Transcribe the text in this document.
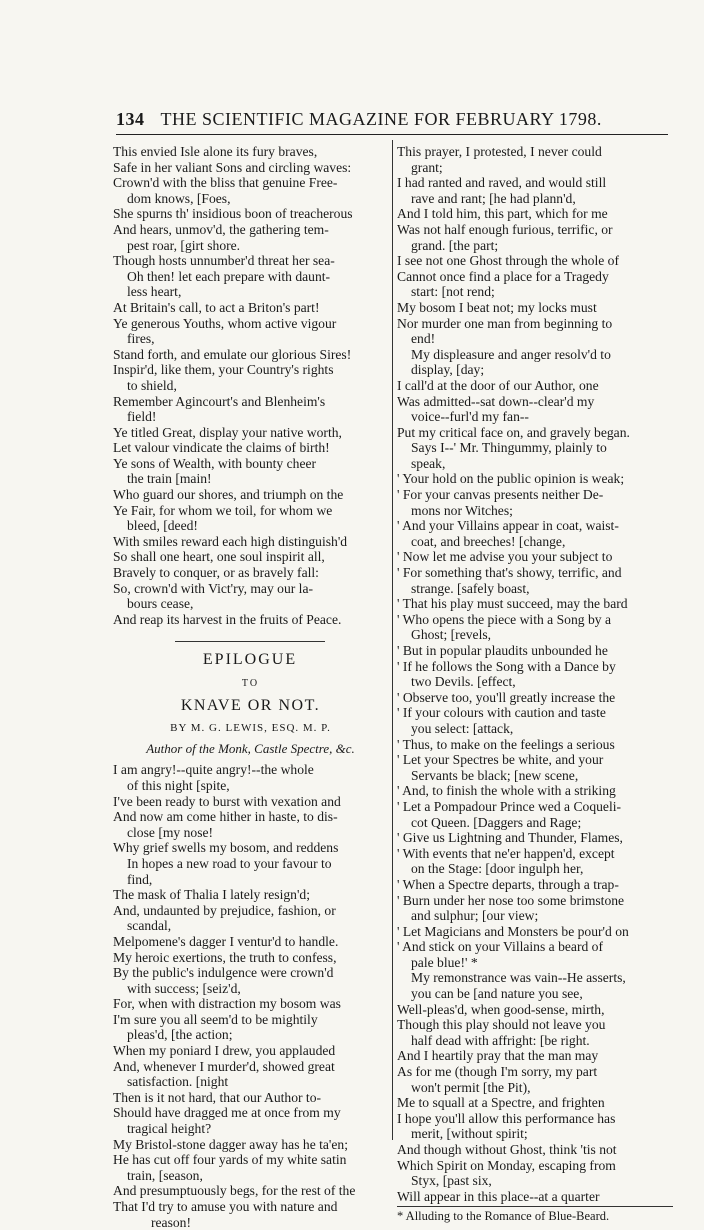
134 THE SCIENTIFIC MAGAZINE FOR FEBRUARY 1798.
This envied Isle alone its fury braves,
Safe in her valiant Sons and circling waves:
Crown'd with the bliss that genuine Free-
dom knows, [Foes,
She spurns th' insidious boon of treacherous
And hears, unmov'd, the gathering tem-
pest roar, [girt shore.
Though hosts unnumber'd threat her sea-
Oh then! let each prepare with daunt-
less heart,
At Britain's call, to act a Briton's part!
Ye generous Youths, whom active vigour
fires,
Stand forth, and emulate our glorious Sires!
Inspir'd, like them, your Country's rights
to shield,
Remember Agincourt's and Blenheim's
field!
Ye titled Great, display your native worth,
Let valour vindicate the claims of birth!
Ye sons of Wealth, with bounty cheer
the train [main!
Who guard our shores, and triumph on the
Ye Fair, for whom we toil, for whom we
bleed, [deed!
With smiles reward each high distinguish'd
So shall one heart, one soul inspirit all,
Bravely to conquer, or as bravely fall:
So, crown'd with Vict'ry, may our la-
bours cease,
And reap its harvest in the fruits of Peace.
EPILOGUE
TO
KNAVE OR NOT.
BY M. G. LEWIS, ESQ. M. P.
Author of the Monk, Castle Spectre, &c.
I am angry!--quite angry!--the whole
of this night [spite,
I've been ready to burst with vexation and
And now am come hither in haste, to dis-
close [my nose!
Why grief swells my bosom, and reddens
In hopes a new road to your favour to
find,
The mask of Thalia I lately resign'd;
And, undaunted by prejudice, fashion, or
scandal,
Melpomene's dagger I ventur'd to handle.
My heroic exertions, the truth to confess,
By the public's indulgence were crown'd
with success; [seiz'd,
For, when with distraction my bosom was
I'm sure you all seem'd to be mightily
pleas'd, [the action;
When my poniard I drew, you applauded
And, whenever I murder'd, showed great
satisfaction. [night
Then is it not hard, that our Author to-
Should have dragged me at once from my
tragical height?
My Bristol-stone dagger away has he ta'en;
He has cut off four yards of my white satin
train, [season,
And presumptuously begs, for the rest of the
That I'd try to amuse you with nature and
reason!
This prayer, I protested, I never could
grant;
I had ranted and raved, and would still
rave and rant; [he had plann'd,
And I told him, this part, which for me
Was not half enough furious, terrific, or
grand. [the part;
I see not one Ghost through the whole of
Cannot once find a place for a Tragedy
start: [not rend;
My bosom I beat not; my locks must
Nor murder one man from beginning to
end!
My displeasure and anger resolv'd to
display, [day;
I call'd at the door of our Author, one
Was admitted--sat down--clear'd my
voice--furl'd my fan--
Put my critical face on, and gravely began.
Says I--' Mr. Thingummy, plainly to
speak,
' Your hold on the public opinion is weak;
' For your canvas presents neither De-
mons nor Witches;
' And your Villains appear in coat, waist-
coat, and breeches! [change,
' Now let me advise you your subject to
' For something that's showy, terrific, and
strange. [safely boast,
' That his play must succeed, may the bard
' Who opens the piece with a Song by a
Ghost; [revels,
' But in popular plaudits unbounded he
' If he follows the Song with a Dance by
two Devils. [effect,
' Observe too, you'll greatly increase the
' If your colours with caution and taste
you select: [attack,
' Thus, to make on the feelings a serious
' Let your Spectres be white, and your
Servants be black; [new scene,
' And, to finish the whole with a striking
' Let a Pompadour Prince wed a Coqueli-
cot Queen. [Daggers and Rage;
' Give us Lightning and Thunder, Flames,
' With events that ne'er happen'd, except
on the Stage: [door ingulph her,
' When a Spectre departs, through a trap-
' Burn under her nose too some brimstone
and sulphur; [our view;
' Let Magicians and Monsters be pour'd on
' And stick on your Villains a beard of
pale blue!' *
My remonstrance was vain--He asserts,
you can be [and nature you see,
Well-pleas'd, when good-sense, mirth,
Though this play should not leave you
half dead with affright: [be right.
And I heartily pray that the man may
As for me (though I'm sorry, my part
won't permit [the Pit),
Me to squall at a Spectre, and frighten
I hope you'll allow this performance has
merit, [without spirit;
And though without Ghost, think 'tis not
Which Spirit on Monday, escaping from
Styx, [past six,
Will appear in this place--at a quarter
* Alluding to the Romance of Blue-Beard.
